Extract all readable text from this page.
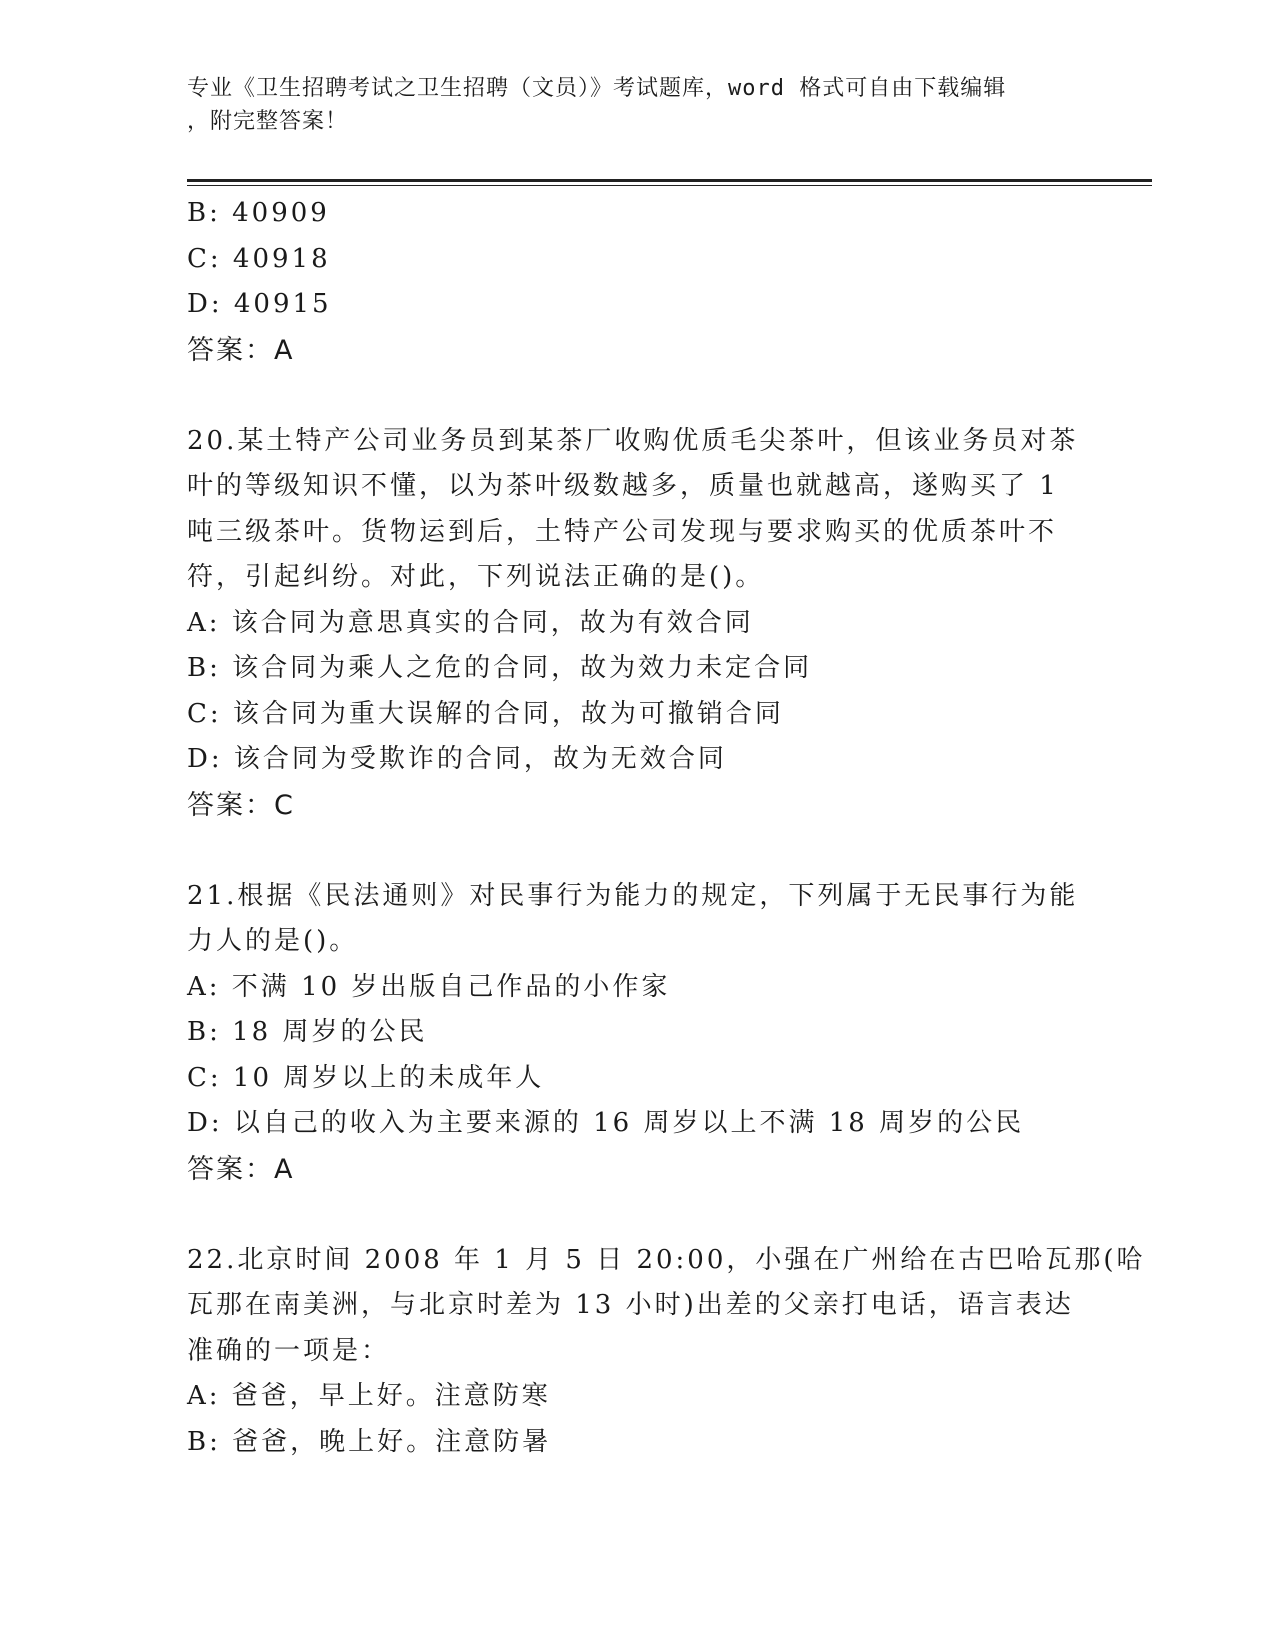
专业《卫生招聘考试之卫生招聘（文员）》考试题库，word 格式可自由下载编辑
，附完整答案！
B: 40909
C: 40918
D: 40915
答案：A
20.某土特产公司业务员到某茶厂收购优质毛尖茶叶，但该业务员对茶
叶的等级知识不懂，以为茶叶级数越多，质量也就越高，遂购买了 1
吨三级茶叶。货物运到后，土特产公司发现与要求购买的优质茶叶不
符，引起纠纷。对此，下列说法正确的是()。
A: 该合同为意思真实的合同，故为有效合同
B: 该合同为乘人之危的合同，故为效力未定合同
C: 该合同为重大误解的合同，故为可撤销合同
D: 该合同为受欺诈的合同，故为无效合同
答案：C
21.根据《民法通则》对民事行为能力的规定，下列属于无民事行为能
力人的是()。
A: 不满 10 岁出版自己作品的小作家
B: 18 周岁的公民
C: 10 周岁以上的未成年人
D: 以自己的收入为主要来源的 16 周岁以上不满 18 周岁的公民
答案：A
22.北京时间 2008 年 1 月 5 日 20:00，小强在广州给在古巴哈瓦那(哈
瓦那在南美洲，与北京时差为 13 小时)出差的父亲打电话，语言表达
准确的一项是：
A: 爸爸，早上好。注意防寒
B: 爸爸，晚上好。注意防暑
